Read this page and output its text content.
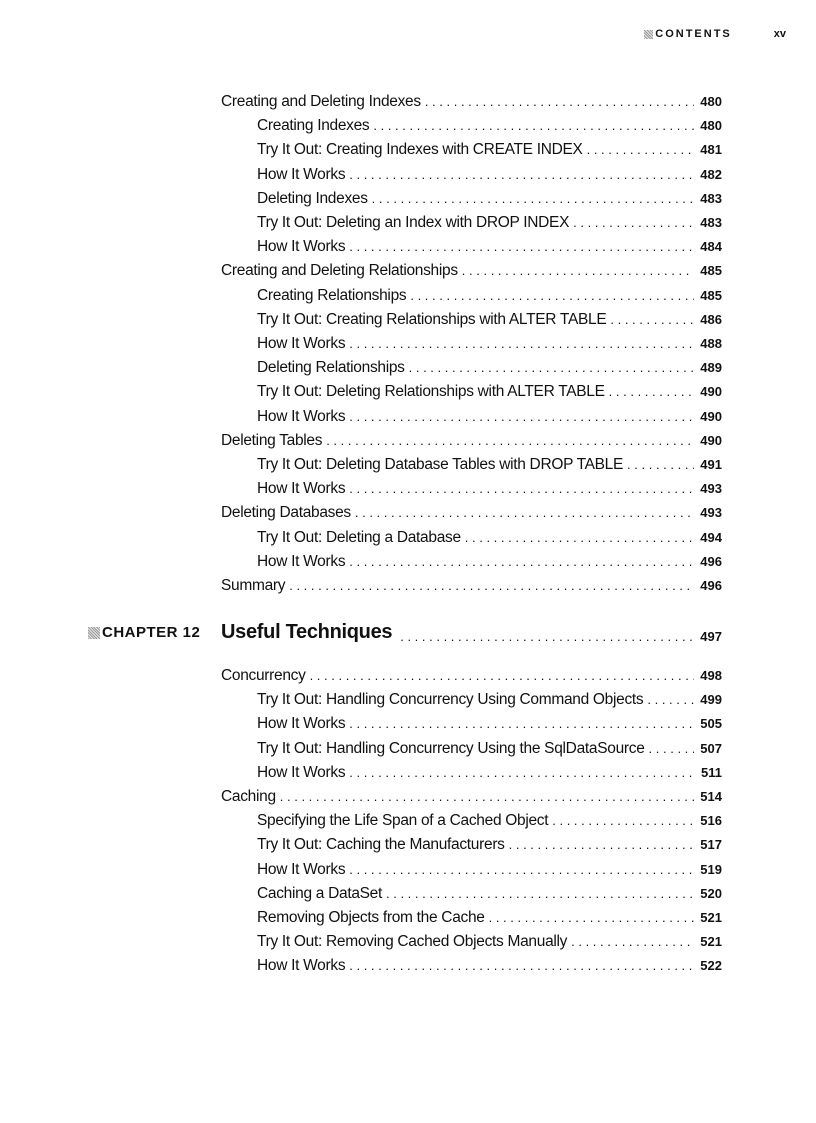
CONTENTS	xv
Creating and Deleting Indexes . . .	480
Creating Indexes . . .	480
Try It Out: Creating Indexes with CREATE INDEX . . .	481
How It Works . . .	482
Deleting Indexes . . .	483
Try It Out: Deleting an Index with DROP INDEX . . .	483
How It Works . . .	484
Creating and Deleting Relationships . . .	485
Creating Relationships . . .	485
Try It Out: Creating Relationships with ALTER TABLE . . .	486
How It Works . . .	488
Deleting Relationships . . .	489
Try It Out: Deleting Relationships with ALTER TABLE . . .	490
How It Works . . .	490
Deleting Tables . . .	490
Try It Out: Deleting Database Tables with DROP TABLE . . .	491
How It Works . . .	493
Deleting Databases . . .	493
Try It Out: Deleting a Database . . .	494
How It Works . . .	496
Summary . . .	496
CHAPTER 12 Useful Techniques . . .	497
Concurrency . . .	498
Try It Out: Handling Concurrency Using Command Objects . . .	499
How It Works . . .	505
Try It Out: Handling Concurrency Using the SqlDataSource . . .	507
How It Works . . .	511
Caching . . .	514
Specifying the Life Span of a Cached Object . . .	516
Try It Out: Caching the Manufacturers . . .	517
How It Works . . .	519
Caching a DataSet . . .	520
Removing Objects from the Cache . . .	521
Try It Out: Removing Cached Objects Manually . . .	521
How It Works . . .	522
